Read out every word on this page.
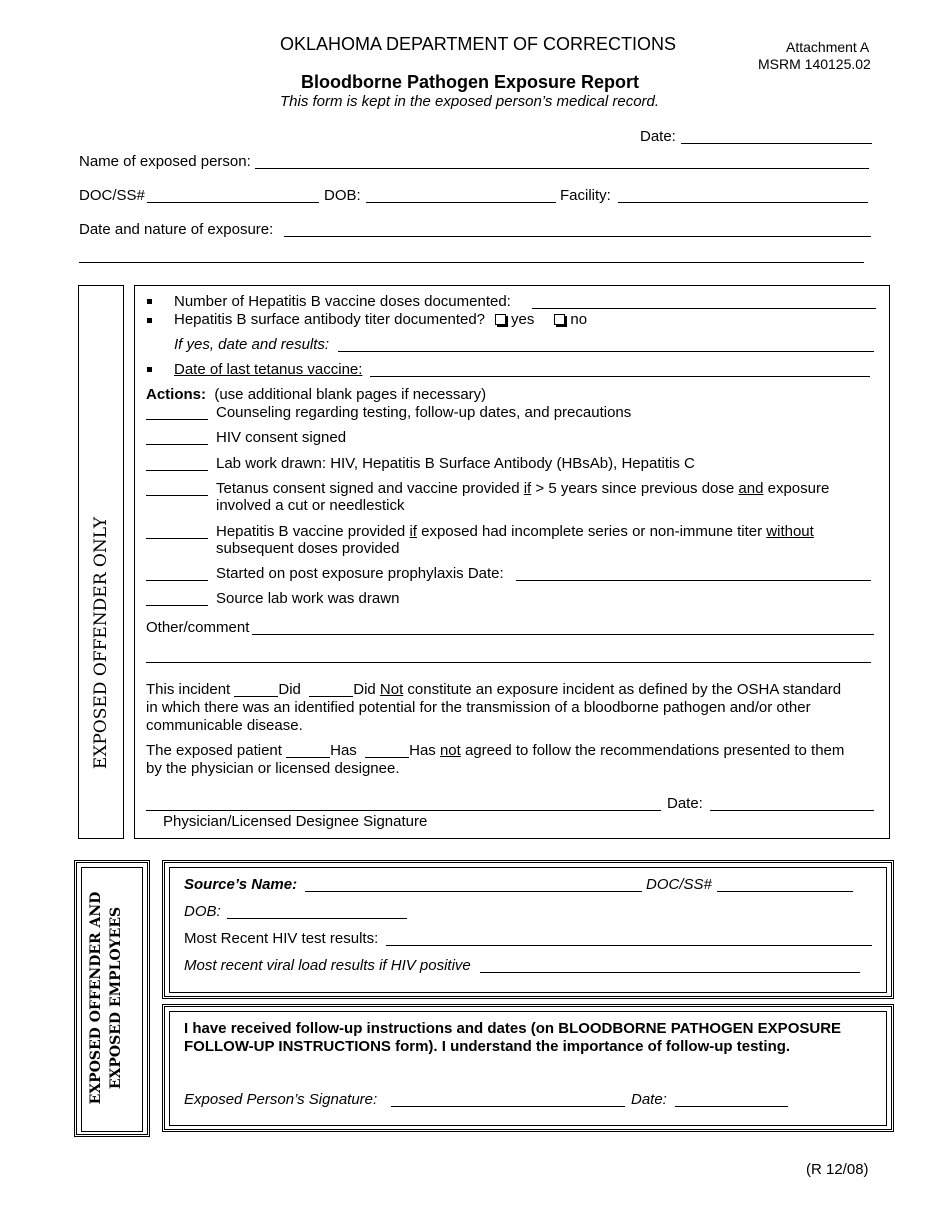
OKLAHOMA DEPARTMENT OF CORRECTIONS	Attachment A
MSRM 140125.02
Bloodborne Pathogen Exposure Report
This form is kept in the exposed person’s medical record.
Date:
Name of exposed person:
DOC/SS#	DOB:	Facility:
Date and nature of exposure:
EXPOSED OFFENDER ONLY
Number of Hepatitis B vaccine doses documented:
Hepatitis B surface antibody titer documented? yes no
If yes, date and results:
Date of last tetanus vaccine:
Actions: (use additional blank pages if necessary)
Counseling regarding testing, follow-up dates, and precautions
HIV consent signed
Lab work drawn: HIV, Hepatitis B Surface Antibody (HBsAb), Hepatitis C
Tetanus consent signed and vaccine provided if > 5 years since previous dose and exposure
involved a cut or needlestick
Hepatitis B vaccine provided if exposed had incomplete series or non-immune titer without
subsequent doses provided
Started on post exposure prophylaxis Date:
Source lab work was drawn
Other/comment
This incident	Did	Did Not constitute an exposure incident as defined by the OSHA standard
in which there was an identified potential for the transmission of a bloodborne pathogen and/or other
communicable disease.
The exposed patient	Has	Has not agreed to follow the recommendations presented to them
by the physician or licensed designee.
Date:
Physician/Licensed Designee Signature
EXPOSED OFFENDER AND EXPOSED EMPLOYEES
Source’s Name:	DOC/SS#
DOB:
Most Recent HIV test results:
Most recent viral load results if HIV positive
I have received follow-up instructions and dates (on BLOODBORNE PATHOGEN EXPOSURE
FOLLOW-UP INSTRUCTIONS form). I understand the importance of follow-up testing.
Exposed Person’s Signature:	Date:
(R 12/08)
